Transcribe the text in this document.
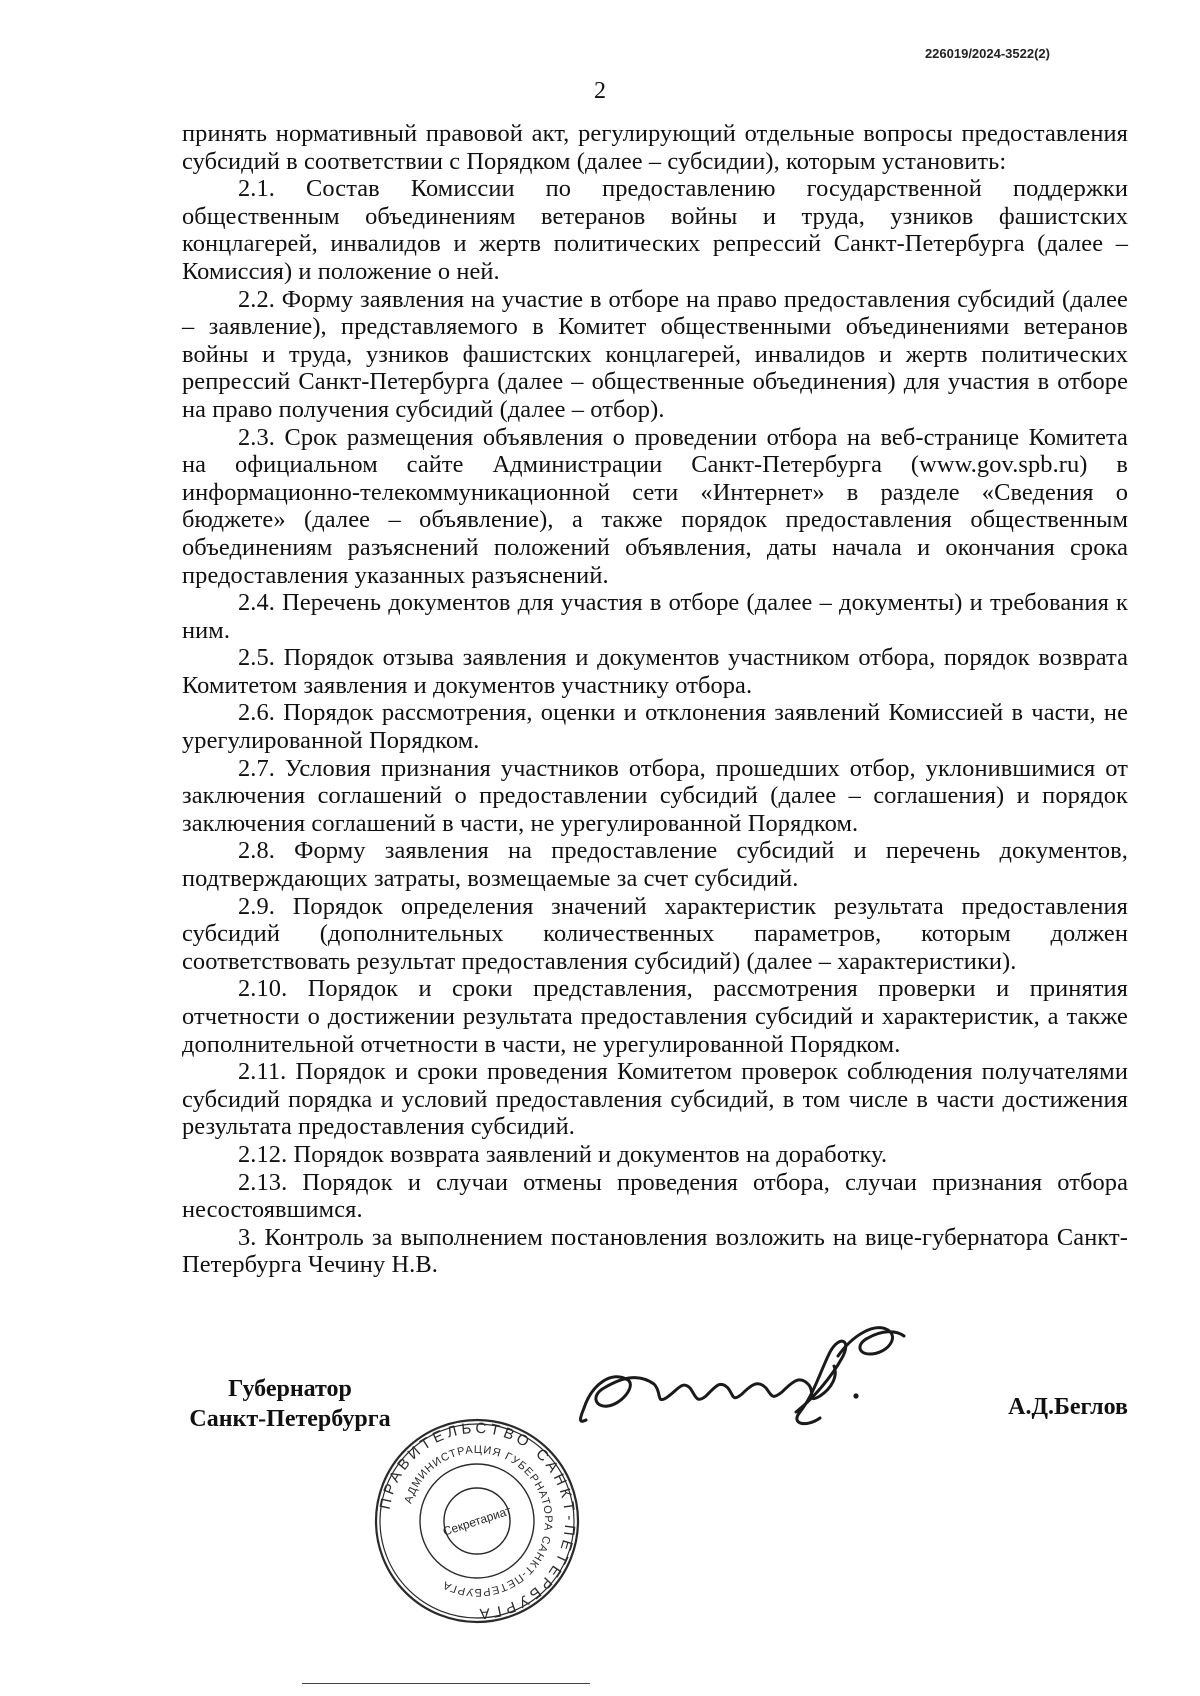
226019/2024-3522(2)
2

принять нормативный правовой акт, регулирующий отдельные вопросы предоставления субсидий в соответствии с Порядком (далее – субсидии), которым установить:

2.1. Состав Комиссии по предоставлению государственной поддержки общественным объединениям ветеранов войны и труда, узников фашистских концлагерей, инвалидов и жертв политических репрессий Санкт-Петербурга (далее – Комиссия) и положение о ней.

2.2. Форму заявления на участие в отборе на право предоставления субсидий (далее – заявление), представляемого в Комитет общественными объединениями ветеранов войны и труда, узников фашистских концлагерей, инвалидов и жертв политических репрессий Санкт-Петербурга (далее – общественные объединения) для участия в отборе на право получения субсидий (далее – отбор).

2.3. Срок размещения объявления о проведении отбора на веб-странице Комитета на официальном сайте Администрации Санкт-Петербурга (www.gov.spb.ru) в информационно-телекоммуникационной сети «Интернет» в разделе «Сведения о бюджете» (далее – объявление), а также порядок предоставления общественным объединениям разъяснений положений объявления, даты начала и окончания срока предоставления указанных разъяснений.

2.4. Перечень документов для участия в отборе (далее – документы) и требования к ним.

2.5. Порядок отзыва заявления и документов участником отбора, порядок возврата Комитетом заявления и документов участнику отбора.

2.6. Порядок рассмотрения, оценки и отклонения заявлений Комиссией в части, не урегулированной Порядком.

2.7. Условия признания участников отбора, прошедших отбор, уклонившимися от заключения соглашений о предоставлении субсидий (далее – соглашения) и порядок заключения соглашений в части, не урегулированной Порядком.

2.8. Форму заявления на предоставление субсидий и перечень документов, подтверждающих затраты, возмещаемые за счет субсидий.

2.9. Порядок определения значений характеристик результата предоставления субсидий (дополнительных количественных параметров, которым должен соответствовать результат предоставления субсидий) (далее – характеристики).

2.10. Порядок и сроки представления, рассмотрения проверки и принятия отчетности о достижении результата предоставления субсидий и характеристик, а также дополнительной отчетности в части, не урегулированной Порядком.

2.11. Порядок и сроки проведения Комитетом проверок соблюдения получателями субсидий порядка и условий предоставления субсидий, в том числе в части достижения результата предоставления субсидий.

2.12. Порядок возврата заявлений и документов на доработку.

2.13. Порядок и случаи отмены проведения отбора, случаи признания отбора несостоявшимся.

3. Контроль за выполнением постановления возложить на вице-губернатора Санкт-Петербурга Чечину Н.В.

Губернатор
Санкт-Петербурга	А.Д.Беглов
ПРАВИТЕЛЬСТВО САНКТ-ПЕТЕРБУРГА
АДМИНИСТРАЦИЯ ГУБЕРНАТОРА САНКТ-ПЕТЕРБУРГА
Секретариат
